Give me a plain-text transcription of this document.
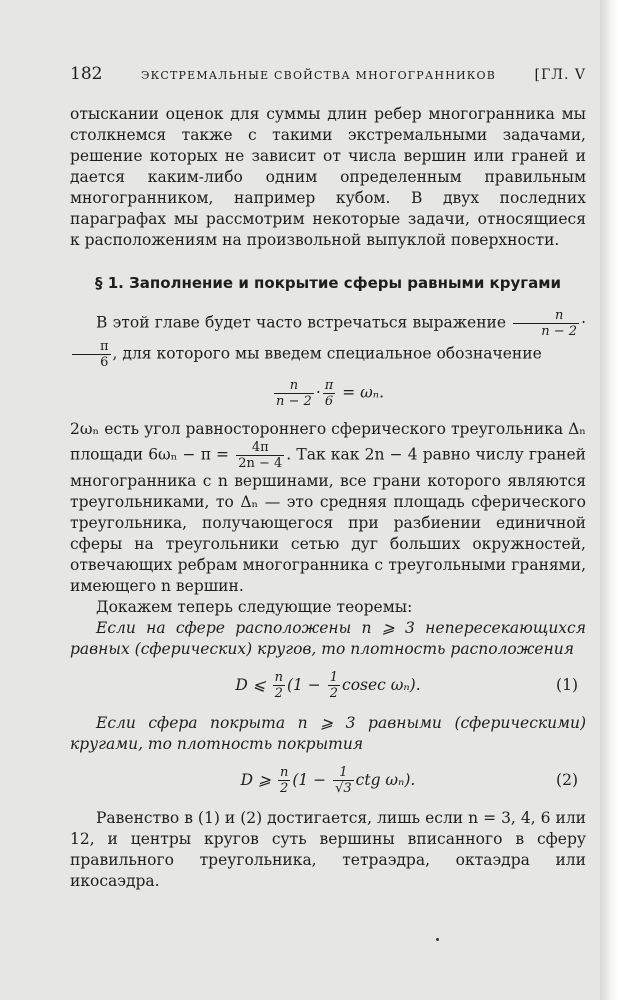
182	ЭКСТРЕМАЛЬНЫЕ СВОЙСТВА МНОГОГРАННИКОВ	[ГЛ. V

отыскании оценок для суммы длин ребер многогранника мы столкнемся также с такими экстремальными задачами, решение которых не зависит от числа вершин или граней и дается каким-либо одним определенным правильным многогранником, например кубом. В двух последних параграфах мы рассмотрим некоторые задачи, относящиеся к расположениям на произвольной выпуклой поверхности.

§ 1. Заполнение и покрытие сферы равными кругами

В этой главе будет часто встречаться выражение $\frac{n}{n - 2}$ ·
$\frac{\pi}{6}$ , для которого мы введем специальное обозначение

$\frac{n}{n - 2} \cdot \frac{\pi}{6} = \omega_n$.

2ωₙ есть угол равностороннего сферического треугольника Δₙ площади $6\omega_n - \pi = \frac{4\pi}{2n - 4}$ . Так как 2n − 4 равно числу граней многогранника с n вершинами, все грани которого являются треугольниками, то Δₙ — это средняя площадь сферического треугольника, получающегося при разбиении единичной сферы на треугольники сетью дуг больших окружностей, отвечающих ребрам многогранника с треугольными гранями, имеющего n вершин.

Докажем теперь следующие теоремы:

Если на сфере расположены n ⩾ 3 непересекающихся равных (сферических) кругов, то плотность расположения

D ⩽
$\frac{n}{2} (1$ −
$\frac{1}{2}$ cosec ωₙ).	(1)

Если сфера покрыта n ⩾ 3 равными (сферическими) кругами, то плотность покрытия

D ⩾
$\frac{n}{2} (1$ −
$\frac{1}{√3}$ ctg ωₙ).	(2)

Равенство в (1) и (2) достигается, лишь если n = 3, 4, 6 или 12, и центры кругов суть вершины вписанного в сферу правильного треугольника, тетраэдра, октаэдра или икосаэдра.
